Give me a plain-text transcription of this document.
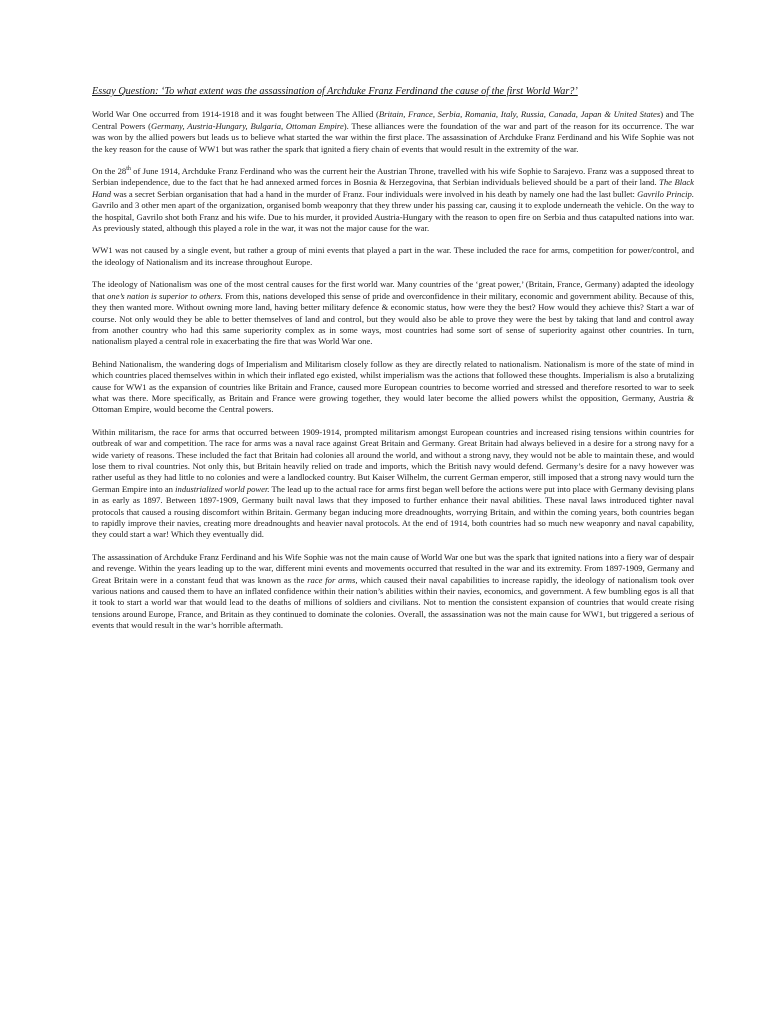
Essay Question: ‘To what extent was the assassination of Archduke Franz Ferdinand the cause of the first World War?’

World War One occurred from 1914-1918 and it was fought between The Allied (Britain, France, Serbia, Romania, Italy, Russia, Canada, Japan & United States) and The Central Powers (Germany, Austria-Hungary, Bulgaria, Ottoman Empire). These alliances were the foundation of the war and part of the reason for its occurrence. The war was won by the allied powers but leads us to believe what started the war within the first place. The assassination of Archduke Franz Ferdinand and his Wife Sophie was not the key reason for the cause of WW1 but was rather the spark that ignited a fiery chain of events that would result in the extremity of the war.

On the 28th of June 1914, Archduke Franz Ferdinand who was the current heir the Austrian Throne, travelled with his wife Sophie to Sarajevo. Franz was a supposed threat to Serbian independence, due to the fact that he had annexed armed forces in Bosnia & Herzegovina, that Serbian individuals believed should be a part of their land. The Black Hand was a secret Serbian organisation that had a hand in the murder of Franz. Four individuals were involved in his death by namely one had the last bullet: Gavrilo Princip. Gavrilo and 3 other men apart of the organization, organised bomb weaponry that they threw under his passing car, causing it to explode underneath the vehicle. On the way to the hospital, Gavrilo shot both Franz and his wife. Due to his murder, it provided Austria-Hungary with the reason to open fire on Serbia and thus catapulted nations into war. As previously stated, although this played a role in the war, it was not the major cause for the war.

WW1 was not caused by a single event, but rather a group of mini events that played a part in the war. These included the race for arms, competition for power/control, and the ideology of Nationalism and its increase throughout Europe.

The ideology of Nationalism was one of the most central causes for the first world war. Many countries of the ‘great power,’ (Britain, France, Germany) adapted the ideology that one’s nation is superior to others. From this, nations developed this sense of pride and overconfidence in their military, economic and government ability. Because of this, they then wanted more. Without owning more land, having better military defence & economic status, how were they the best? How would they achieve this? Start a war of course. Not only would they be able to better themselves of land and control, but they would also be able to prove they were the best by taking that land and control away from another country who had this same superiority complex as in some ways, most countries had some sort of sense of superiority against other countries. In turn, nationalism played a central role in exacerbating the fire that was World War one.

Behind Nationalism, the wandering dogs of Imperialism and Militarism closely follow as they are directly related to nationalism. Nationalism is more of the state of mind in which countries placed themselves within in which their inflated ego existed, whilst imperialism was the actions that followed these thoughts. Imperialism is also a brutalizing cause for WW1 as the expansion of countries like Britain and France, caused more European countries to become worried and stressed and therefore resorted to war to seek what was there. More specifically, as Britain and France were growing together, they would later become the allied powers whilst the opposition, Germany, Austria & Ottoman Empire, would become the Central powers.

Within militarism, the race for arms that occurred between 1909-1914, prompted militarism amongst European countries and increased rising tensions within countries for outbreak of war and competition. The race for arms was a naval race against Great Britain and Germany. Great Britain had always believed in a desire for a strong navy for a wide variety of reasons. These included the fact that Britain had colonies all around the world, and without a strong navy, they would not be able to maintain these, and would lose them to rival countries. Not only this, but Britain heavily relied on trade and imports, which the British navy would defend. Germany’s desire for a navy however was rather useful as they had little to no colonies and were a landlocked country. But Kaiser Wilhelm, the current German emperor, still imposed that a strong navy would turn the German Empire into an industrialized world power. The lead up to the actual race for arms first began well before the actions were put into place with Germany devising plans in as early as 1897. Between 1897-1909, Germany built naval laws that they imposed to further enhance their naval abilities. These naval laws introduced tighter naval protocols that caused a rousing discomfort within Britain. Germany began inducing more dreadnoughts, worrying Britain, and within the coming years, both countries began to rapidly improve their navies, creating more dreadnoughts and heavier naval protocols. At the end of 1914, both countries had so much new weaponry and naval capability, they could start a war! Which they eventually did.

The assassination of Archduke Franz Ferdinand and his Wife Sophie was not the main cause of World War one but was the spark that ignited nations into a fiery war of despair and revenge. Within the years leading up to the war, different mini events and movements occurred that resulted in the war and its extremity. From 1897-1909, Germany and Great Britain were in a constant feud that was known as the race for arms, which caused their naval capabilities to increase rapidly, the ideology of nationalism took over various nations and caused them to have an inflated confidence within their nation’s abilities within their navies, economics, and government. A few bumbling egos is all that it took to start a world war that would lead to the deaths of millions of soldiers and civilians. Not to mention the consistent expansion of countries that would create rising tensions around Europe, France, and Britain as they continued to dominate the colonies. Overall, the assassination was not the main cause for WW1, but triggered a serious of events that would result in the war’s horrible aftermath.
